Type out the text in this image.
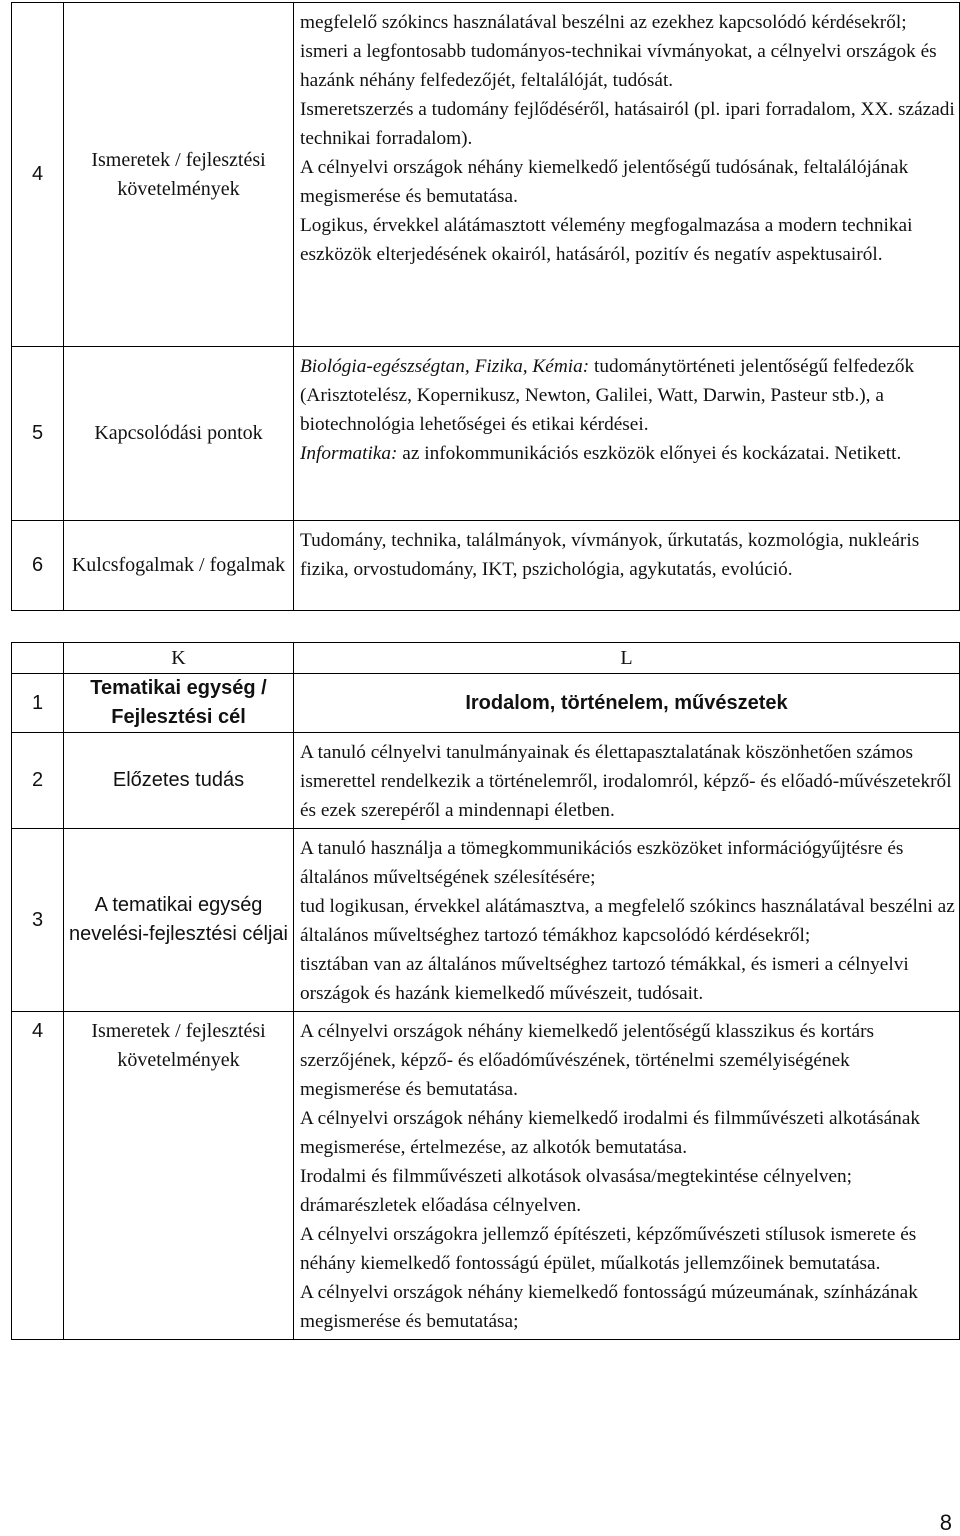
4	Ismeretek / fejlesztési követelmények	megfelelő szókincs használatával beszélni az ezekhez kapcsolódó kérdésekről;
ismeri a legfontosabb tudományos-technikai vívmányokat, a célnyelvi országok és hazánk néhány felfedezőjét, feltalálóját, tudósát.
Ismeretszerzés a tudomány fejlődéséről, hatásairól (pl. ipari forradalom, XX. századi technikai forradalom).
A célnyelvi országok néhány kiemelkedő jelentőségű tudósának, feltalálójának megismerése és bemutatása.
Logikus, érvekkel alátámasztott vélemény megfogalmazása a modern technikai eszközök elterjedésének okairól, hatásáról, pozitív és negatív aspektusairól.

5	Kapcsolódási pontok	Biológia-egészségtan, Fizika, Kémia: tudománytörténeti jelentőségű felfedezők (Arisztotelész, Kopernikusz, Newton, Galilei, Watt, Darwin, Pasteur stb.), a biotechnológia lehetőségei és etikai kérdései.
Informatika: az infokommunikációs eszközök előnyei és kockázatai. Netikett.

6	Kulcsfogalmak / fogalmak	Tudomány, technika, találmányok, vívmányok, űrkutatás, kozmológia, nukleáris fizika, orvostudomány, IKT, pszichológia, agykutatás, evolúció.
	K	L
1	Tematikai egység / Fejlesztési cél	Irodalom, történelem, művészetek
2	Előzetes tudás	A tanuló célnyelvi tanulmányainak és élettapasztalatának köszönhetően számos ismerettel rendelkezik a történelemről, irodalomról, képző- és előadó-művészetekről és ezek szerepéről a mindennapi életben.
3	A tematikai egység nevelési-fejlesztési céljai	A tanuló használja a tömegkommunikációs eszközöket információgyűjtésre és általános műveltségének szélesítésére;
tud logikusan, érvekkel alátámasztva, a megfelelő szókincs használatával beszélni az általános műveltséghez tartozó témákhoz kapcsolódó kérdésekről;
tisztában van az általános műveltséghez tartozó témákkal, és ismeri a célnyelvi országok és hazánk kiemelkedő művészeit, tudósait.

4	Ismeretek / fejlesztési követelmények	A célnyelvi országok néhány kiemelkedő jelentőségű klasszikus és kortárs szerzőjének, képző- és előadóművészének, történelmi személyiségének megismerése és bemutatása.
A célnyelvi országok néhány kiemelkedő irodalmi és filmművészeti alkotásának megismerése, értelmezése, az alkotók bemutatása.
Irodalmi és filmművészeti alkotások olvasása/megtekintése célnyelven; drámarészletek előadása célnyelven.
A célnyelvi országokra jellemző építészeti, képzőművészeti stílusok ismerete és néhány kiemelkedő fontosságú épület, műalkotás jellemzőinek bemutatása.
A célnyelvi országok néhány kiemelkedő fontosságú múzeumának, színházának megismerése és bemutatása;
8
